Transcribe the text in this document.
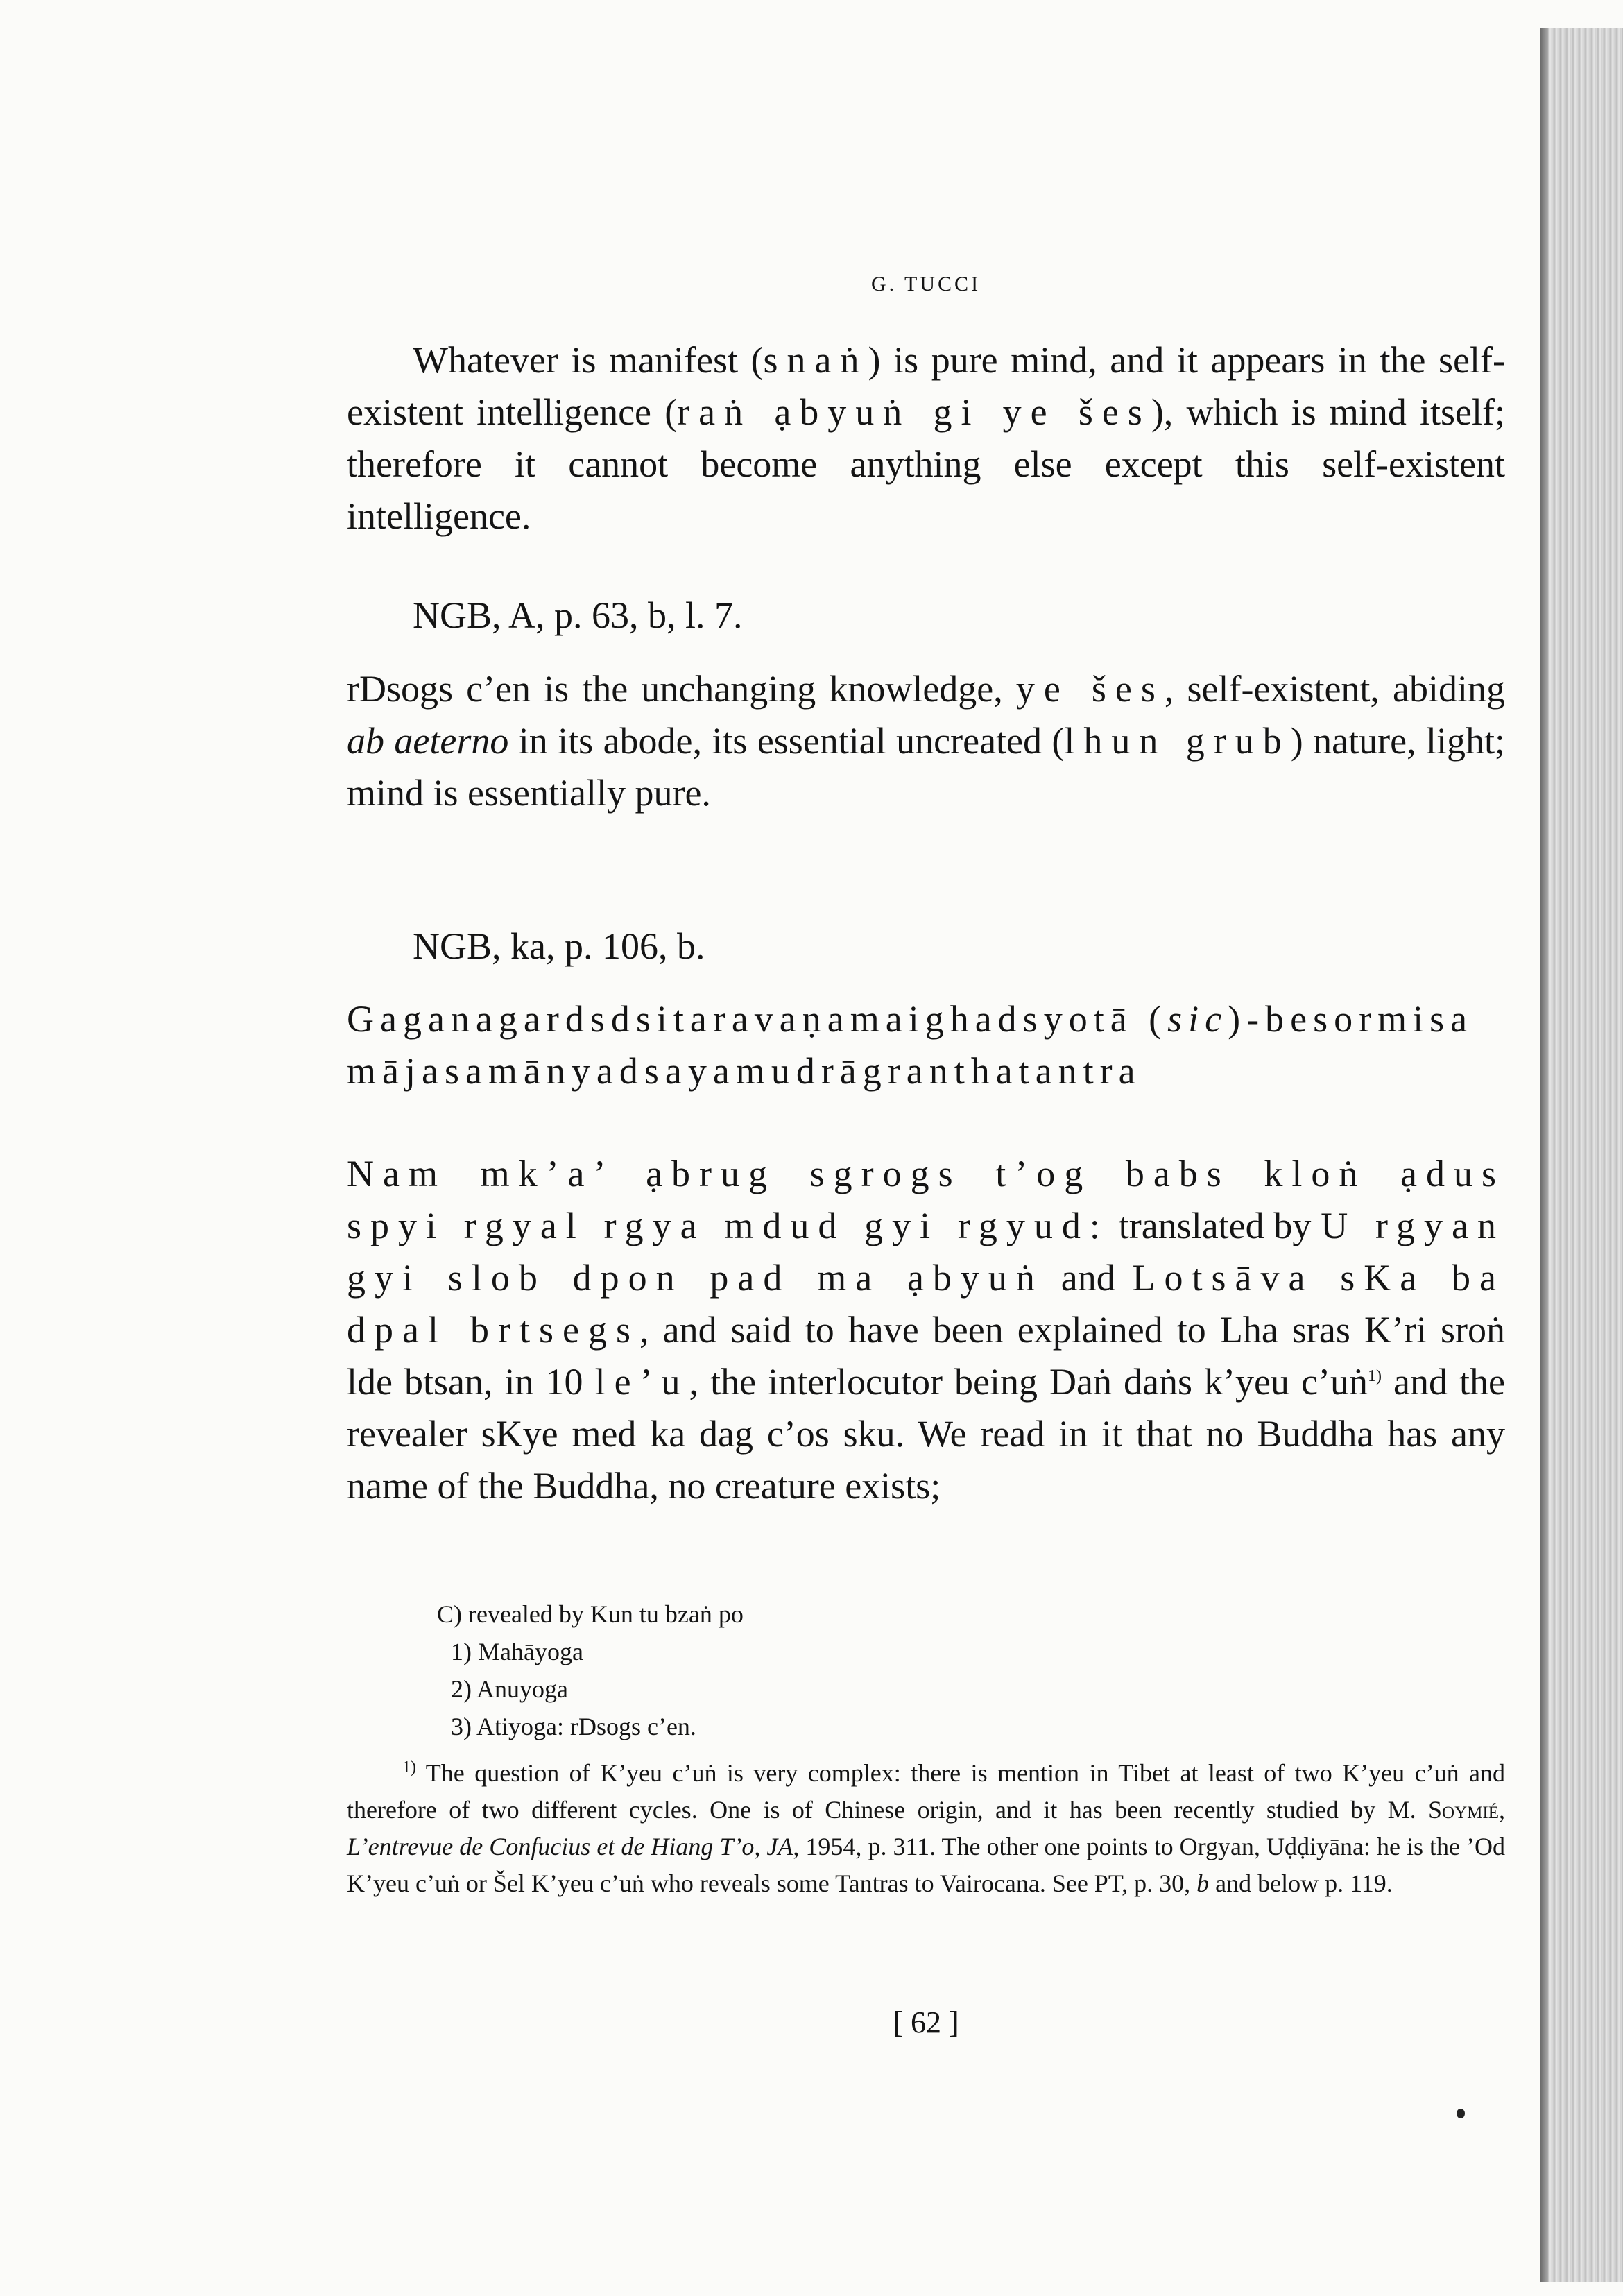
G. TUCCI

Whatever is manifest (snaṅ) is pure mind, and it appears in the self-existent intelligence (raṅ ạbyuṅ gi ye šes), which is mind itself; therefore it cannot become anything else except this self-existent intelligence.

NGB, A, p. 63, b, l. 7.

rDsogs c’en is the unchanging knowledge, ye šes, self-existent, abiding ab aeterno in its abode, its essential uncreated (lhun grub) nature, light; mind is essentially pure.

NGB, ka, p. 106, b.

Gaganagardsdsitaravaṇamaighadsyotā (sic)-besormisamājasamānyadsayamudrāgranthatantra

Nam mk’a’ ạbrug sgrogs t’og babs kloṅ ạdus spyi rgyal rgya mdud gyi rgyud: translated by U rgyan gyi slob dpon pad ma ạbyuṅ and Lotsāva sKa ba dpal brtsegs, and said to have been explained to Lha sras K’ri sroṅ lde btsan, in 10 le’u, the interlocutor being Daṅ daṅs k’yeu c’uṅ$^{1)}$ and the revealer sKye med ka dag c’os sku. We read in it that no Buddha has any name of the Buddha, no creature exists;

C) revealed by Kun tu bzaṅ po
1) Mahāyoga
2) Anuyoga
3) Atiyoga: rDsogs c’en.

$^{1)}$ The question of K’yeu c’uṅ is very complex: there is mention in Tibet at least of two K’yeu c’uṅ and therefore of two different cycles. One is of Chinese origin, and it has been recently studied by M. Soymié, L’entrevue de Confucius et de Hiang T’o, JA, 1954, p. 311. The other one points to Orgyan, Uḍḍiyāna: he is the ’Od K’yeu c’uṅ or Šel K’yeu c’uṅ who reveals some Tantras to Vairocana. See PT, p. 30, b and below p. 119.

[ 62 ]
